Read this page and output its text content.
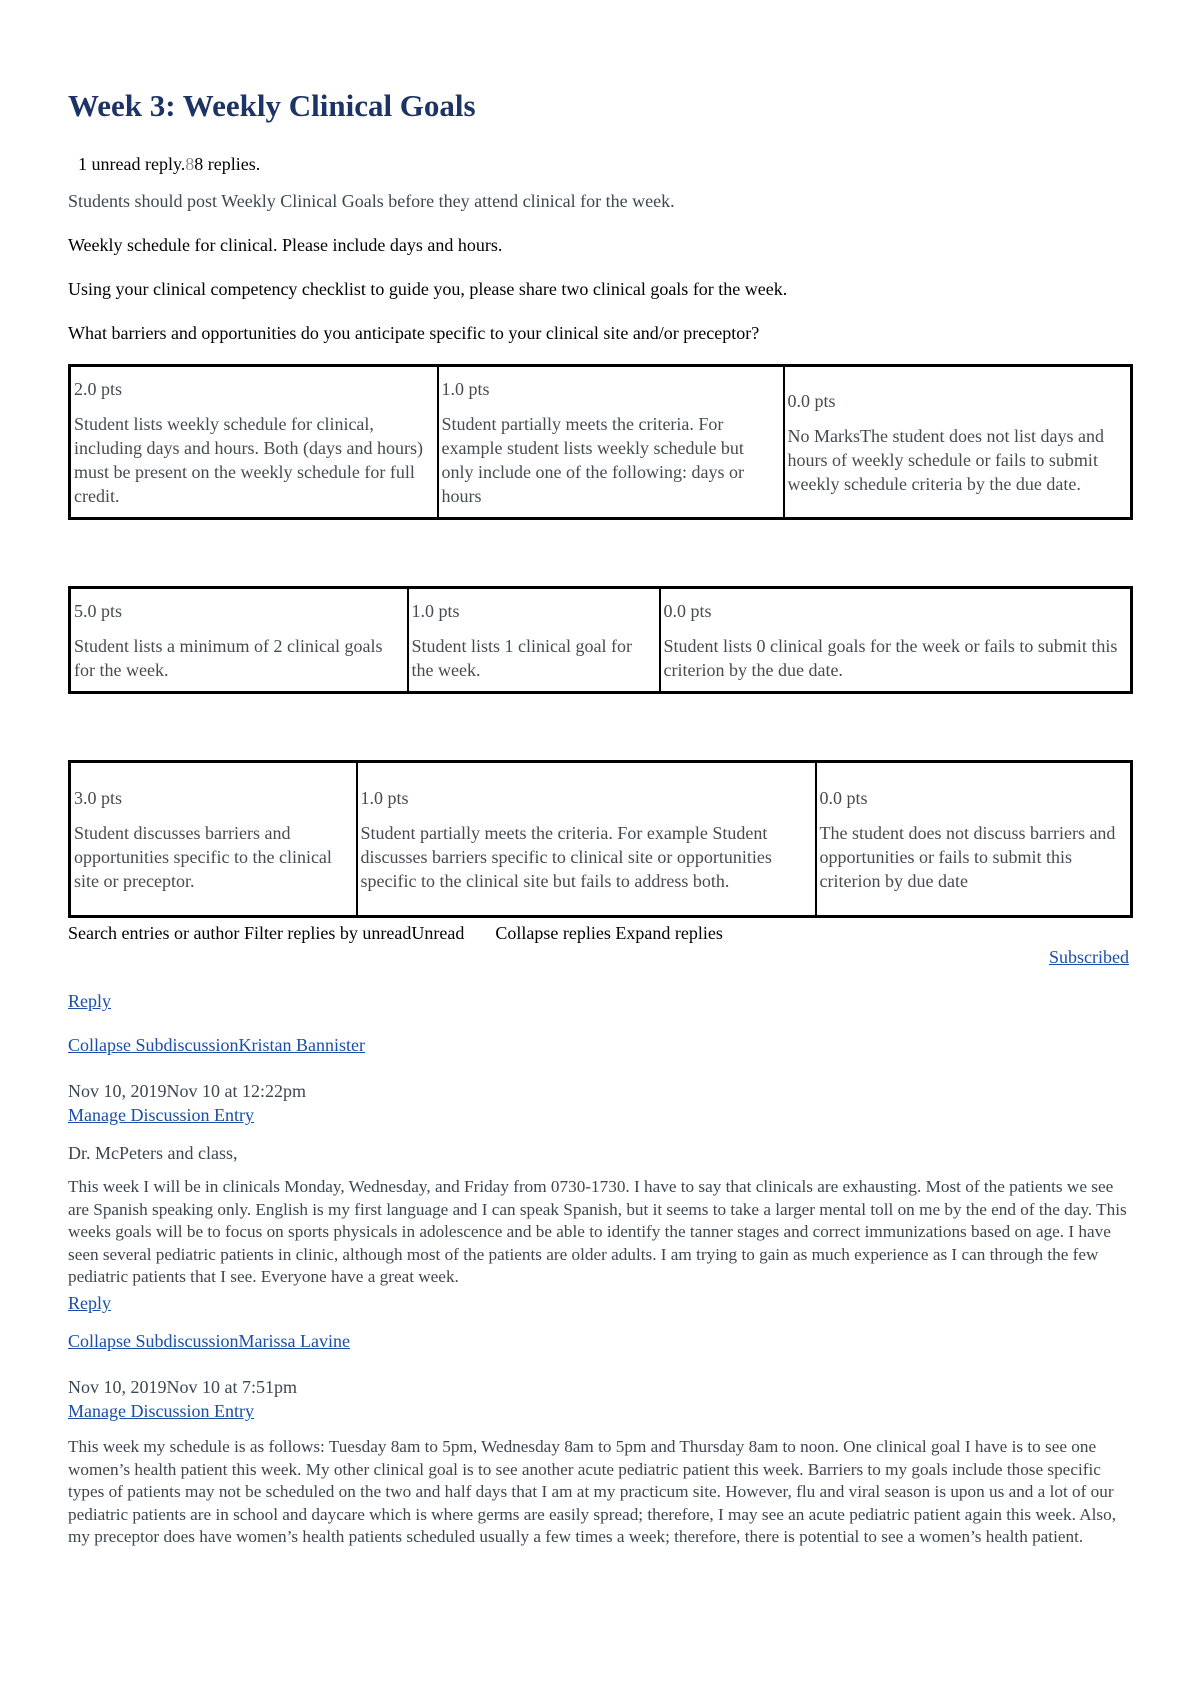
Week 3: Weekly Clinical Goals
1 unread reply.88 replies.
Students should post Weekly Clinical Goals before they attend clinical for the week.
Weekly schedule for clinical. Please include days and hours.
Using your clinical competency checklist to guide you, please share two clinical goals for the week.
What barriers and opportunities do you anticipate specific to your clinical site and/or preceptor?
2.0 pts
Student lists weekly schedule for clinical, including days and hours. Both (days and hours) must be present on the weekly schedule for full credit.

1.0 pts
Student partially meets the criteria. For example student lists weekly schedule but only include one of the following: days or hours

0.0 pts
No MarksThe student does not list days and hours of weekly schedule or fails to submit weekly schedule criteria by the due date.
5.0 pts
Student lists a minimum of 2 clinical goals for the week.

1.0 pts
Student lists 1 clinical goal for the week.

0.0 pts
Student lists 0 clinical goals for the week or fails to submit this criterion by the due date.
3.0 pts
Student discusses barriers and opportunities specific to the clinical site or preceptor.

1.0 pts
Student partially meets the criteria. For example Student discusses barriers specific to clinical site or opportunities specific to the clinical site but fails to address both.

0.0 pts
The student does not discuss barriers and opportunities or fails to submit this criterion by due date
Search entries or author Filter replies by unreadUnread Collapse replies Expand replies
Subscribed
Reply
Collapse SubdiscussionKristan Bannister
Nov 10, 2019Nov 10 at 12:22pm
Manage Discussion Entry
Dr. McPeters and class,
This week I will be in clinicals Monday, Wednesday, and Friday from 0730-1730. I have to say that clinicals are exhausting. Most of the patients we see are Spanish speaking only. English is my first language and I can speak Spanish, but it seems to take a larger mental toll on me by the end of the day. This weeks goals will be to focus on sports physicals in adolescence and be able to identify the tanner stages and correct immunizations based on age. I have seen several pediatric patients in clinic, although most of the patients are older adults. I am trying to gain as much experience as I can through the few pediatric patients that I see. Everyone have a great week.
Reply
Collapse SubdiscussionMarissa Lavine
Nov 10, 2019Nov 10 at 7:51pm
Manage Discussion Entry
This week my schedule is as follows: Tuesday 8am to 5pm, Wednesday 8am to 5pm and Thursday 8am to noon. One clinical goal I have is to see one women’s health patient this week. My other clinical goal is to see another acute pediatric patient this week. Barriers to my goals include those specific types of patients may not be scheduled on the two and half days that I am at my practicum site. However, flu and viral season is upon us and a lot of our pediatric patients are in school and daycare which is where germs are easily spread; therefore, I may see an acute pediatric patient again this week. Also, my preceptor does have women’s health patients scheduled usually a few times a week; therefore, there is potential to see a women’s health patient.
